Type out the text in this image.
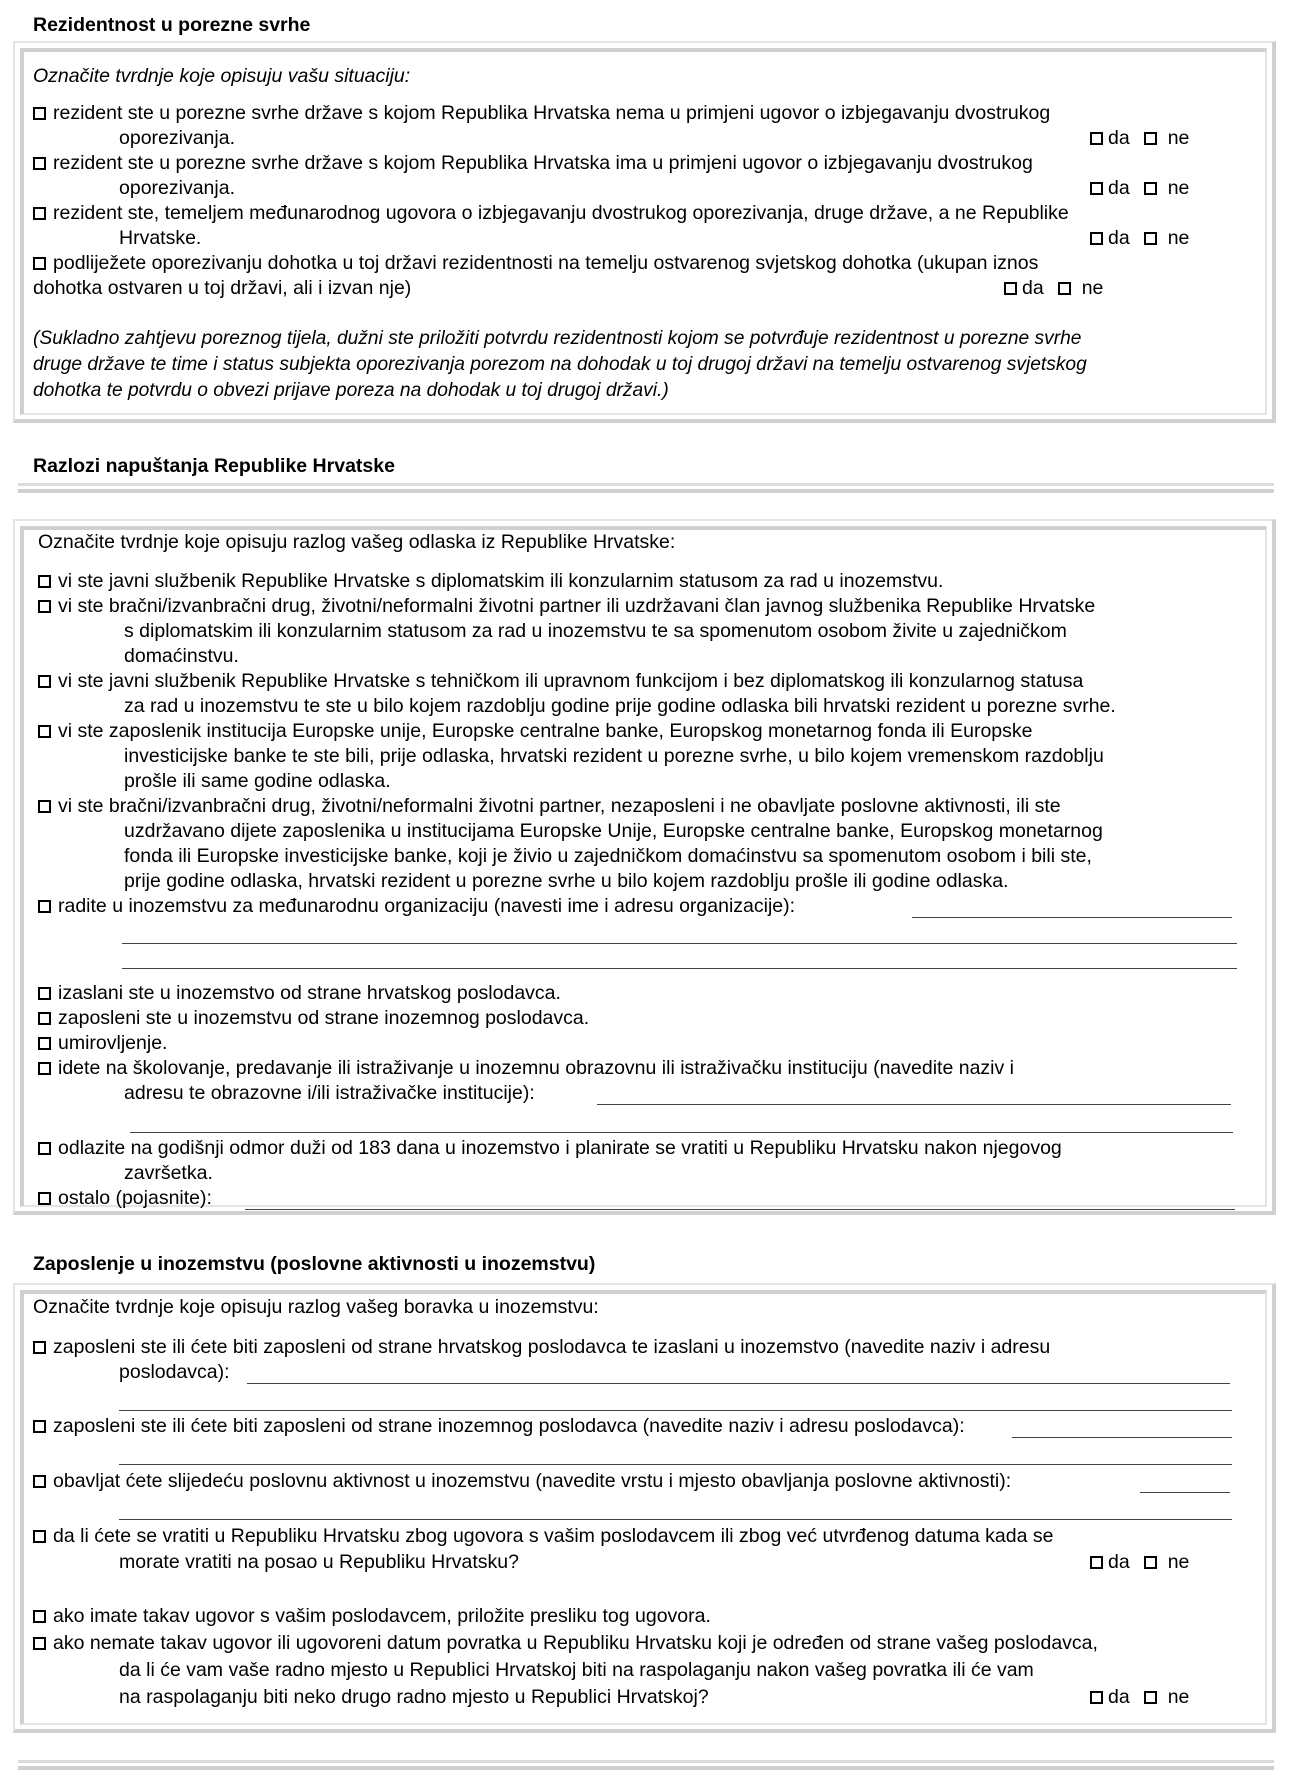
Rezidentnost u porezne svrhe
Označite tvrdnje koje opisuju vašu situaciju:
rezident ste u porezne svrhe države s kojom Republika Hrvatska nema u primjeni ugovor o izbjegavanju dvostrukog
oporezivanja.	da ne
rezident ste u porezne svrhe države s kojom Republika Hrvatska ima u primjeni ugovor o izbjegavanju dvostrukog
oporezivanja.	da ne
rezident ste, temeljem međunarodnog ugovora o izbjegavanju dvostrukog oporezivanja, druge države, a ne Republike
Hrvatske.	da ne
podliježete oporezivanju dohotka u toj državi rezidentnosti na temelju ostvarenog svjetskog dohotka (ukupan iznos
dohotka ostvaren u toj državi, ali i izvan nje)	da ne
(Sukladno zahtjevu poreznog tijela, dužni ste priložiti potvrdu rezidentnosti kojom se potvrđuje rezidentnost u porezne svrhe
druge države te time i status subjekta oporezivanja porezom na dohodak u toj drugoj državi na temelju ostvarenog svjetskog
dohotka te potvrdu o obvezi prijave poreza na dohodak u toj drugoj državi.)
Razlozi napuštanja Republike Hrvatske
Označite tvrdnje koje opisuju razlog vašeg odlaska iz Republike Hrvatske:
vi ste javni službenik Republike Hrvatske s diplomatskim ili konzularnim statusom za rad u inozemstvu.
vi ste bračni/izvanbračni drug, životni/neformalni životni partner ili uzdržavani član javnog službenika Republike Hrvatske
s diplomatskim ili konzularnim statusom za rad u inozemstvu te sa spomenutom osobom živite u zajedničkom
domaćinstvu.
vi ste javni službenik Republike Hrvatske s tehničkom ili upravnom funkcijom i bez diplomatskog ili konzularnog statusa
za rad u inozemstvu te ste u bilo kojem razdoblju godine prije godine odlaska bili hrvatski rezident u porezne svrhe.
vi ste zaposlenik institucija Europske unije, Europske centralne banke, Europskog monetarnog fonda ili Europske
investicijske banke te ste bili, prije odlaska, hrvatski rezident u porezne svrhe, u bilo kojem vremenskom razdoblju
prošle ili same godine odlaska.
vi ste bračni/izvanbračni drug, životni/neformalni životni partner, nezaposleni i ne obavljate poslovne aktivnosti, ili ste
uzdržavano dijete zaposlenika u institucijama Europske Unije, Europske centralne banke, Europskog monetarnog
fonda ili Europske investicijske banke, koji je živio u zajedničkom domaćinstvu sa spomenutom osobom i bili ste,
prije godine odlaska, hrvatski rezident u porezne svrhe u bilo kojem razdoblju prošle ili godine odlaska.
radite u inozemstvu za međunarodnu organizaciju (navesti ime i adresu organizacije):
izaslani ste u inozemstvo od strane hrvatskog poslodavca.
zaposleni ste u inozemstvu od strane inozemnog poslodavca.
umirovljenje.
idete na školovanje, predavanje ili istraživanje u inozemnu obrazovnu ili istraživačku instituciju (navedite naziv i
adresu te obrazovne i/ili istraživačke institucije):
odlazite na godišnji odmor duži od 183 dana u inozemstvo i planirate se vratiti u Republiku Hrvatsku nakon njegovog
završetka.
ostalo (pojasnite):
Zaposlenje u inozemstvu (poslovne aktivnosti u inozemstvu)
Označite tvrdnje koje opisuju razlog vašeg boravka u inozemstvu:
zaposleni ste ili ćete biti zaposleni od strane hrvatskog poslodavca te izaslani u inozemstvo (navedite naziv i adresu
poslodavca):
zaposleni ste ili ćete biti zaposleni od strane inozemnog poslodavca (navedite naziv i adresu poslodavca):
obavljat ćete slijedeću poslovnu aktivnost u inozemstvu (navedite vrstu i mjesto obavljanja poslovne aktivnosti):
da li ćete se vratiti u Republiku Hrvatsku zbog ugovora s vašim poslodavcem ili zbog već utvrđenog datuma kada se
morate vratiti na posao u Republiku Hrvatsku?	da ne
ako imate takav ugovor s vašim poslodavcem, priložite presliku tog ugovora.
ako nemate takav ugovor ili ugovoreni datum povratka u Republiku Hrvatsku koji je određen od strane vašeg poslodavca,
da li će vam vaše radno mjesto u Republici Hrvatskoj biti na raspolaganju nakon vašeg povratka ili će vam
na raspolaganju biti neko drugo radno mjesto u Republici Hrvatskoj?	da ne
